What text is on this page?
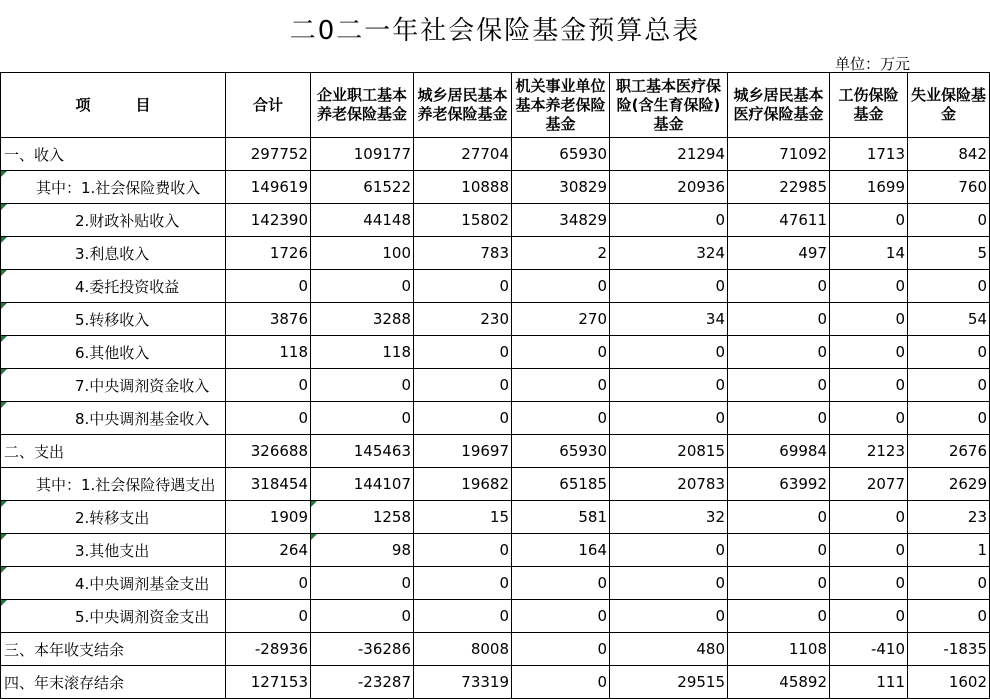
二0二一年社会保险基金预算总表
单位：万元
项　　　目	合计	企业职工基本养老保险基金	城乡居民基本养老保险基金	机关事业单位基本养老保险基金	职工基本医疗保险(含生育保险)基金	城乡居民基本医疗保险基金	工伤保险基金	失业保险基金
一、收入	297752	109177	27704	65930	21294	71092	1713	842

其中：1.社会保险费收入	149619	61522	10888	30829	20936	22985	1699	760

2.财政补贴收入	142390	44148	15802	34829	0	47611	0	0

3.利息收入	1726	100	783	2	324	497	14	5

4.委托投资收益	0	0	0	0	0	0	0	0

5.转移收入	3876	3288	230	270	34	0	0	54

6.其他收入	118	118	0	0	0	0	0	0

7.中央调剂资金收入	0	0	0	0	0	0	0	0

8.中央调剂基金收入	0	0	0	0	0	0	0	0
二、支出	326688	145463	19697	65930	20815	69984	2123	2676
其中：1.社会保险待遇支出	318454	144107	19682	65185	20783	63992	2077	2629

2.转移支出	1909	1258	15	581	32	0	0	23

3.其他支出	264	98	0	164	0	0	0	1

4.中央调剂基金支出	0	0	0	0	0	0	0	0

5.中央调剂资金支出	0	0	0	0	0	0	0	0
三、本年收支结余	-28936	-36286	8008	0	480	1108	-410	-1835
四、年末滚存结余	127153	-23287	73319	0	29515	45892	111	1602
